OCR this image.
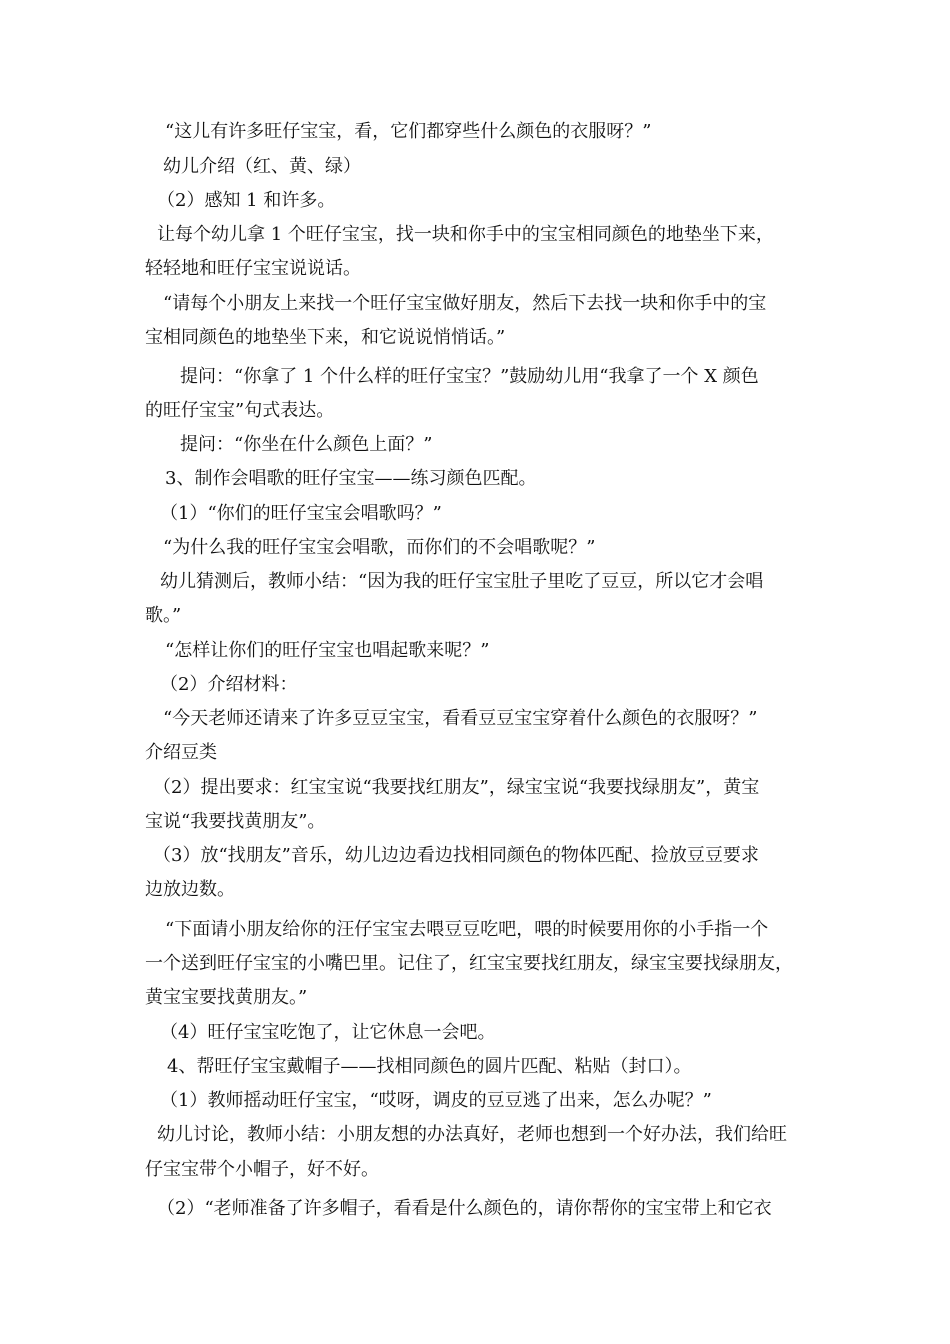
“这儿有许多旺仔宝宝，看，它们都穿些什么颜色的衣服呀？”
幼儿介绍（红、黄、绿）
（2）感知 1 和许多。
让每个幼儿拿 1 个旺仔宝宝，找一块和你手中的宝宝相同颜色的地垫坐下来，
轻轻地和旺仔宝宝说说话。
“请每个小朋友上来找一个旺仔宝宝做好朋友，然后下去找一块和你手中的宝
宝相同颜色的地垫坐下来，和它说说悄悄话。”
提问：“你拿了 1 个什么样的旺仔宝宝？”鼓励幼儿用“我拿了一个 X 颜色
的旺仔宝宝”句式表达。
提问：“你坐在什么颜色上面？”
3、制作会唱歌的旺仔宝宝——练习颜色匹配。
（1）“你们的旺仔宝宝会唱歌吗？”
“为什么我的旺仔宝宝会唱歌，而你们的不会唱歌呢？”
幼儿猜测后，教师小结：“因为我的旺仔宝宝肚子里吃了豆豆，所以它才会唱
歌。”
“怎样让你们的旺仔宝宝也唱起歌来呢？”
（2）介绍材料：
“今天老师还请来了许多豆豆宝宝，看看豆豆宝宝穿着什么颜色的衣服呀？”
介绍豆类
（2）提出要求：红宝宝说“我要找红朋友”，绿宝宝说“我要找绿朋友”，黄宝
宝说“我要找黄朋友”。
（3）放“找朋友”音乐，幼儿边边看边找相同颜色的物体匹配、捡放豆豆要求
边放边数。
“下面请小朋友给你的汪仔宝宝去喂豆豆吃吧，喂的时候要用你的小手指一个
一个送到旺仔宝宝的小嘴巴里。记住了，红宝宝要找红朋友，绿宝宝要找绿朋友，
黄宝宝要找黄朋友。”
（4）旺仔宝宝吃饱了，让它休息一会吧。
4、帮旺仔宝宝戴帽子——找相同颜色的圆片匹配、粘贴（封口）。
（1）教师摇动旺仔宝宝，“哎呀，调皮的豆豆逃了出来，怎么办呢？”
幼儿讨论，教师小结：小朋友想的办法真好，老师也想到一个好办法，我们给旺
仔宝宝带个小帽子，好不好。
（2）“老师准备了许多帽子，看看是什么颜色的，请你帮你的宝宝带上和它衣
